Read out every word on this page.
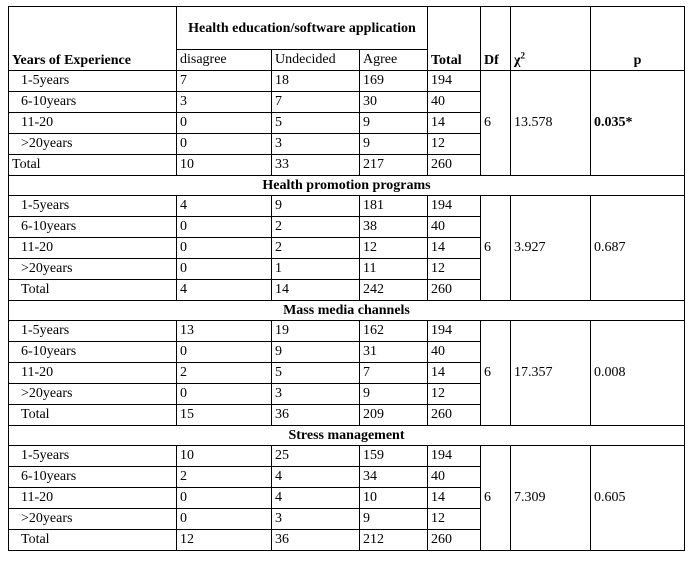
Years of Experience	Health education/software application			Total	Df	$\chi^2$	p
	disagree	Undecided	Agree				
1-5years	7	18	169	194	6	13.578	0.035*
6-10years	3	7	30	40			
11-20	0	5	9	14			
>20years	0	3	9	12			
Total	10	33	217	260			
Health promotion programs							
1-5years	4	9	181	194	6	3.927	0.687
6-10years	0	2	38	40			
11-20	0	2	12	14			
>20years	0	1	11	12			
Total	4	14	242	260			
Mass media channels							
1-5years	13	19	162	194	6	17.357	0.008
6-10years	0	9	31	40			
11-20	2	5	7	14			
>20years	0	3	9	12			
Total	15	36	209	260			
Stress management							
1-5years	10	25	159	194	6	7.309	0.605
6-10years	2	4	34	40			
11-20	0	4	10	14			
>20years	0	3	9	12			
Total	12	36	212	260			
